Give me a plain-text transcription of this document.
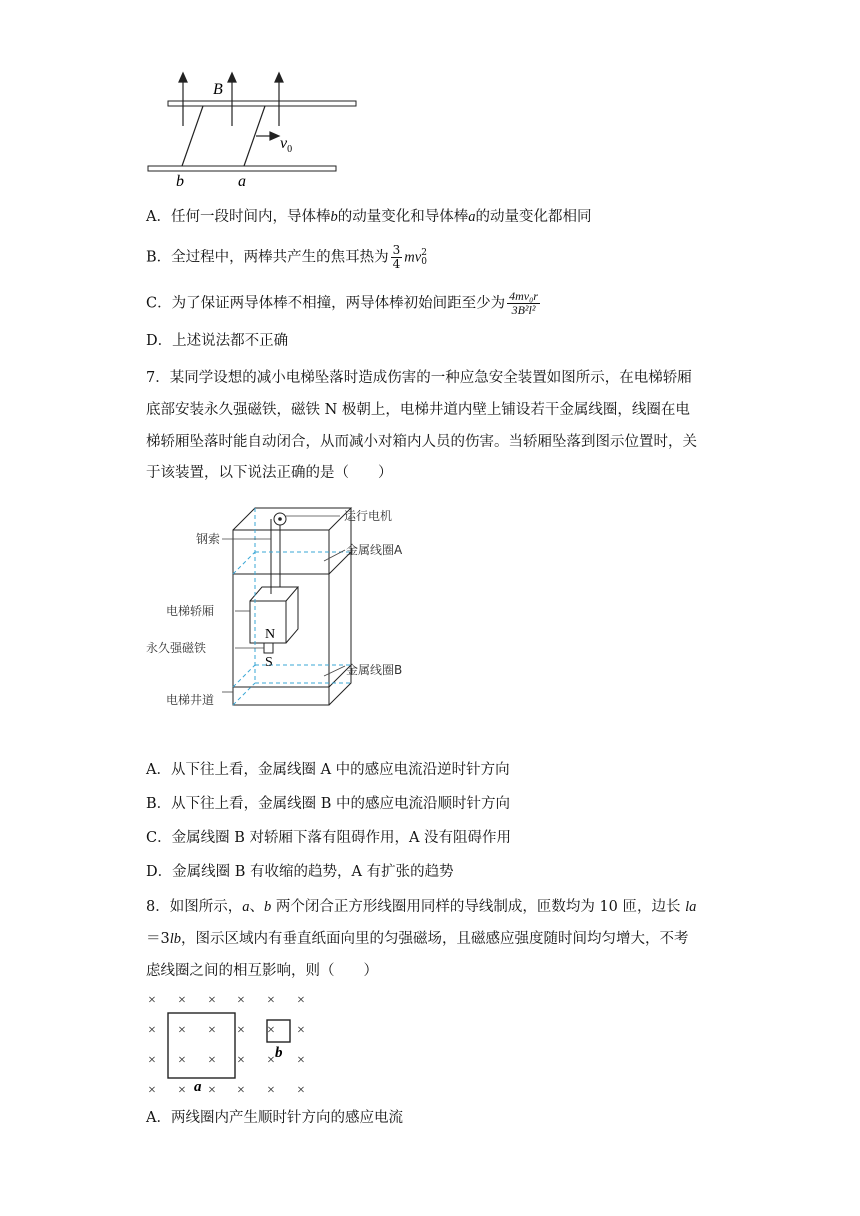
B
$v_0$
b	a
A．任何一段时间内，导体棒b的动量变化和导体棒a的动量变化都相同
B．全过程中，两棒共产生的焦耳热为 $\frac{3}{4}$ mv 2
0
C．为了保证两导体棒不相撞，两导体棒初始间距至少为 $\frac{\text{4mv₀r}}{\text{3B²l²}}$
D．上述说法都不正确
7．某同学设想的减小电梯坠落时造成伤害的一种应急安全装置如图所示，在电梯轿厢
底部安装永久强磁铁，磁铁 N 极朝上，电梯井道内壁上铺设若干金属线圈，线圈在电
梯轿厢坠落时能自动闭合，从而减小对箱内人员的伤害。当轿厢坠落到图示位置时，关
于该装置，以下说法正确的是（　　）
N
S
运行电机
钢索
金属线圈A
电梯轿厢
永久强磁铁
金属线圈B
电梯井道
A．从下往上看，金属线圈 A 中的感应电流沿逆时针方向
B．从下往上看，金属线圈 B 中的感应电流沿顺时针方向
C．金属线圈 B 对轿厢下落有阻碍作用，A 没有阻碍作用
D．金属线圈 B 有收缩的趋势，A 有扩张的趋势
8．如图所示，a、b 两个闭合正方形线圈用同样的导线制成，匝数均为 10 匝，边长 la
＝3lb，图示区域内有垂直纸面向里的匀强磁场，且磁感应强度随时间均匀增大，不考
虑线圈之间的相互影响，则（　　）
× × × × × ×
× × × × × ×
× × × × × ×
× × × × × ×
a
b
A．两线圈内产生顺时针方向的感应电流
